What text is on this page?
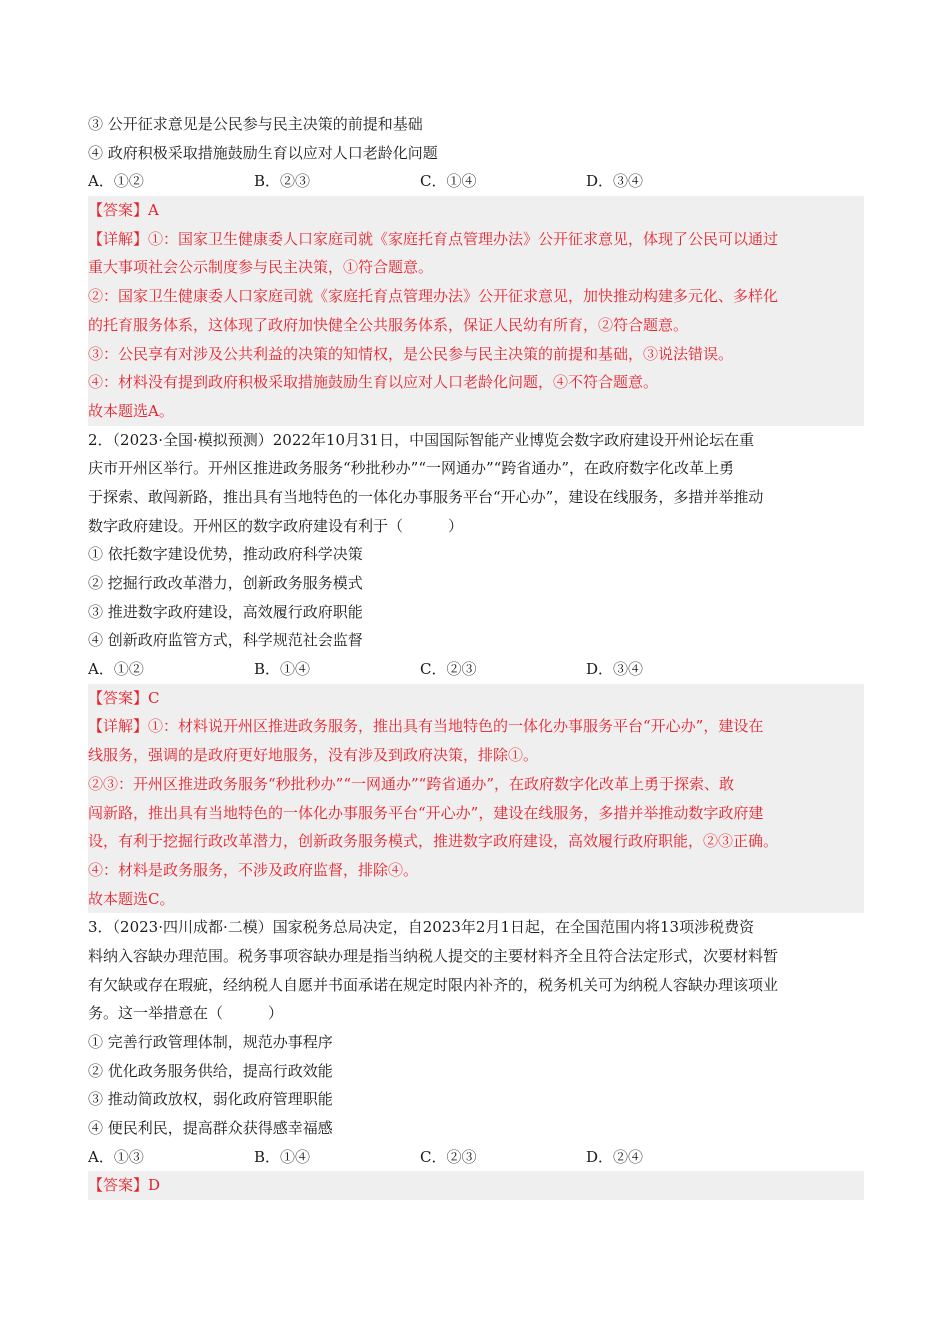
③ 公开征求意见是公民参与民主决策的前提和基础
④ 政府积极采取措施鼓励生育以应对人口老龄化问题
A．①②	B．②③	C．①④	D．③④
【答案】A
【详解】①：国家卫生健康委人口家庭司就《家庭托育点管理办法》公开征求意见，体现了公民可以通过
重大事项社会公示制度参与民主决策，①符合题意。
②：国家卫生健康委人口家庭司就《家庭托育点管理办法》公开征求意见，加快推动构建多元化、多样化
的托育服务体系，这体现了政府加快健全公共服务体系，保证人民幼有所育，②符合题意。
③：公民享有对涉及公共利益的决策的知情权，是公民参与民主决策的前提和基础，③说法错误。
④：材料没有提到政府积极采取措施鼓励生育以应对人口老龄化问题，④不符合题意。
故本题选A。
2．（2023·全国·模拟预测）2022年10月31日，中国国际智能产业博览会数字政府建设开州论坛在重
庆市开州区举行。开州区推进政务服务“秒批秒办”“一网通办”“跨省通办”，在政府数字化改革上勇
于探索、敢闯新路，推出具有当地特色的一体化办事服务平台“开心办”，建设在线服务，多措并举推动
数字政府建设。开州区的数字政府建设有利于（　　　）
① 依托数字建设优势，推动政府科学决策
② 挖掘行政改革潜力，创新政务服务模式
③ 推进数字政府建设，高效履行政府职能
④ 创新政府监管方式，科学规范社会监督
A．①②	B．①④	C．②③	D．③④
【答案】C
【详解】①：材料说开州区推进政务服务，推出具有当地特色的一体化办事服务平台“开心办”，建设在
线服务，强调的是政府更好地服务，没有涉及到政府决策，排除①。
②③：开州区推进政务服务“秒批秒办”“一网通办”“跨省通办”，在政府数字化改革上勇于探索、敢
闯新路，推出具有当地特色的一体化办事服务平台“开心办”，建设在线服务，多措并举推动数字政府建
设，有利于挖掘行政改革潜力，创新政务服务模式，推进数字政府建设，高效履行政府职能，②③正确。
④：材料是政务服务，不涉及政府监督，排除④。
故本题选C。
3．（2023·四川成都·二模）国家税务总局决定，自2023年2月1日起，在全国范围内将13项涉税费资
料纳入容缺办理范围。税务事项容缺办理是指当纳税人提交的主要材料齐全且符合法定形式，次要材料暂
有欠缺或存在瑕疵，经纳税人自愿并书面承诺在规定时限内补齐的，税务机关可为纳税人容缺办理该项业
务。这一举措意在（　　　）
① 完善行政管理体制，规范办事程序
② 优化政务服务供给，提高行政效能
③ 推动简政放权，弱化政府管理职能
④ 便民利民，提高群众获得感幸福感
A．①③	B．①④	C．②③	D．②④
【答案】D
